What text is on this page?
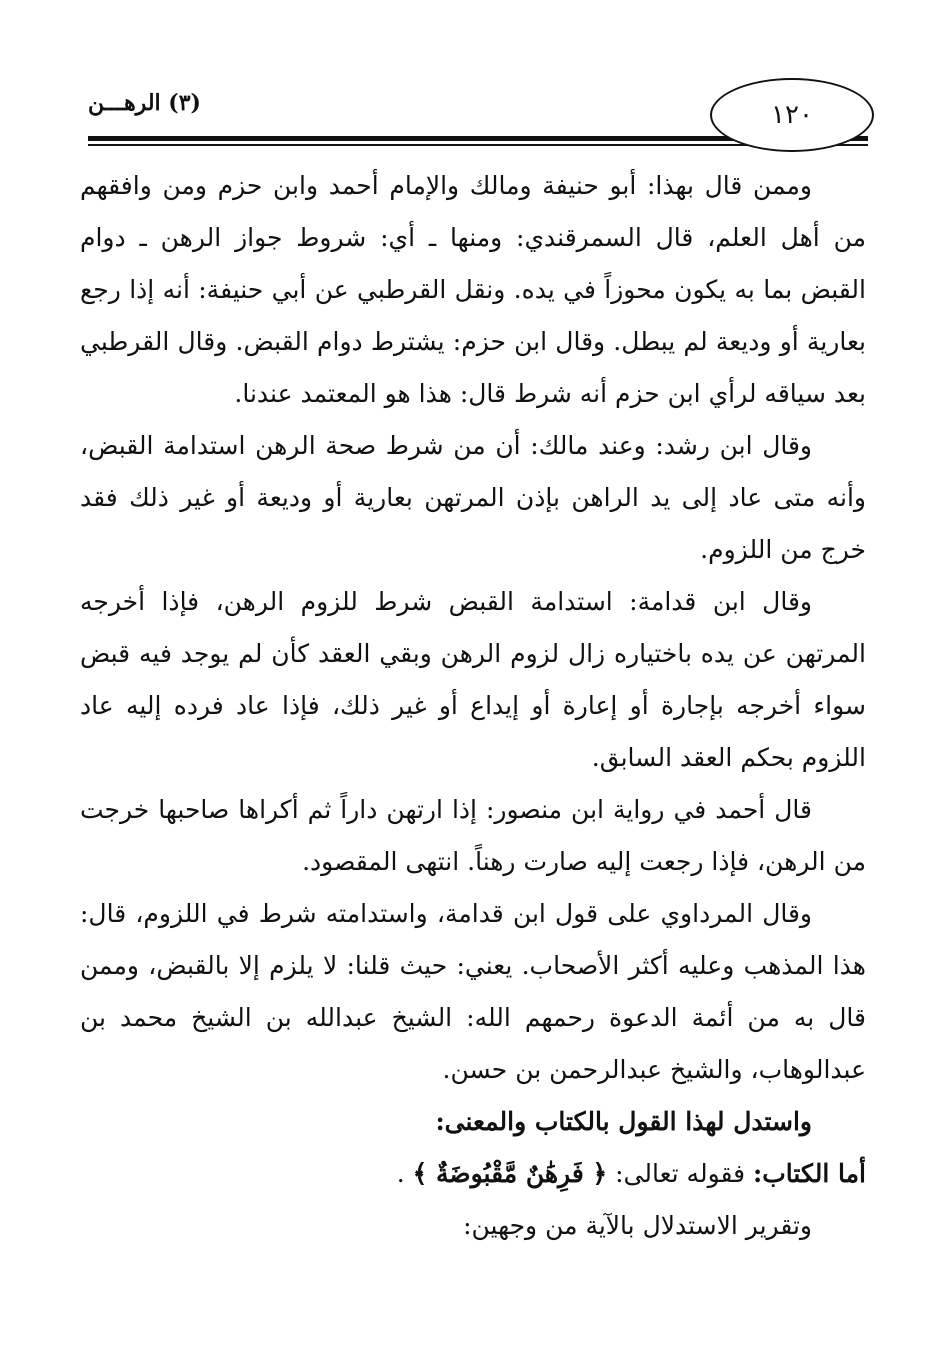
(٣) الرهـــن	١٢٠

وممن قال بهذا: أبو حنيفة ومالك والإمام أحمد وابن حزم ومن وافقهم من أهل العلم، قال السمرقندي: ومنها ـ أي: شروط جواز الرهن ـ دوام القبض بما به يكون محوزاً في يده. ونقل القرطبي عن أبي حنيفة: أنه إذا رجع بعارية أو وديعة لم يبطل. وقال ابن حزم: يشترط دوام القبض. وقال القرطبي بعد سياقه لرأي ابن حزم أنه شرط قال: هذا هو المعتمد عندنا.

وقال ابن رشد: وعند مالك: أن من شرط صحة الرهن استدامة القبض، وأنه متى عاد إلى يد الراهن بإذن المرتهن بعارية أو وديعة أو غير ذلك فقد خرج من اللزوم.

وقال ابن قدامة: استدامة القبض شرط للزوم الرهن، فإذا أخرجه المرتهن عن يده باختياره زال لزوم الرهن وبقي العقد كأن لم يوجد فيه قبض سواء أخرجه بإجارة أو إعارة أو إيداع أو غير ذلك، فإذا عاد فرده إليه عاد اللزوم بحكم العقد السابق.

قال أحمد في رواية ابن منصور: إذا ارتهن داراً ثم أكراها صاحبها خرجت من الرهن، فإذا رجعت إليه صارت رهناً. انتهى المقصود.

وقال المرداوي على قول ابن قدامة، واستدامته شرط في اللزوم، قال: هذا المذهب وعليه أكثر الأصحاب. يعني: حيث قلنا: لا يلزم إلا بالقبض، وممن قال به من أئمة الدعوة رحمهم الله: الشيخ عبدالله بن الشيخ محمد بن عبدالوهاب، والشيخ عبدالرحمن بن حسن.

واستدل لهذا القول بالكتاب والمعنى:

أما الكتاب: فقوله تعالى: ﴿ فَرِهَٰنٌ مَّقْبُوضَةٌ ﴾ .

وتقرير الاستدلال بالآية من وجهين:
